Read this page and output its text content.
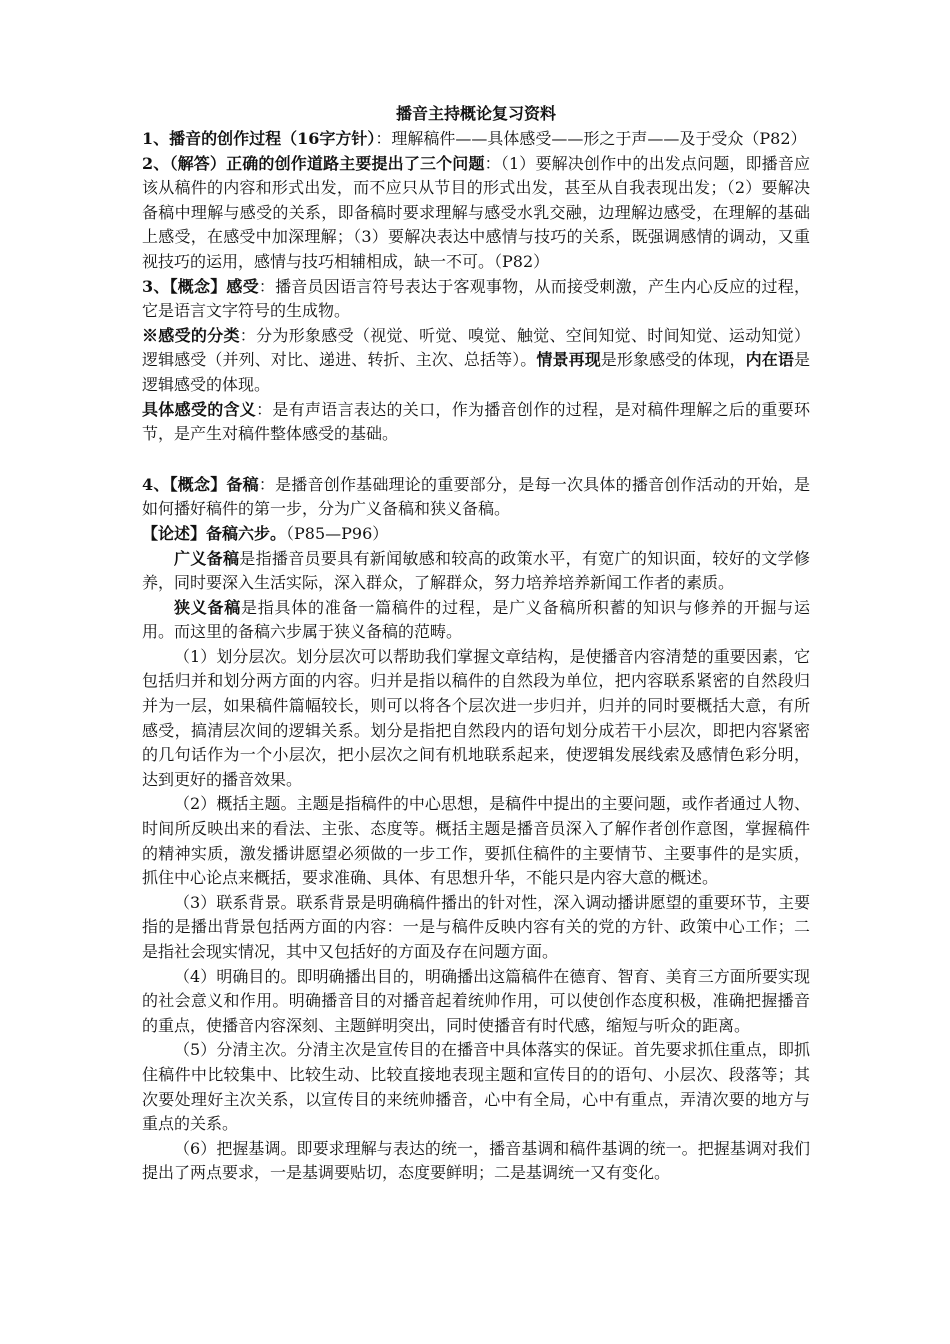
播音主持概论复习资料

1、播音的创作过程（16字方针）：理解稿件——具体感受——形之于声——及于受众（P82）

2、（解答）正确的创作道路主要提出了三个问题：（1）要解决创作中的出发点问题，即播音应该从稿件的内容和形式出发，而不应只从节目的形式出发，甚至从自我表现出发；（2）要解决备稿中理解与感受的关系，即备稿时要求理解与感受水乳交融，边理解边感受，在理解的基础上感受，在感受中加深理解；（3）要解决表达中感情与技巧的关系，既强调感情的调动，又重视技巧的运用，感情与技巧相辅相成，缺一不可。（P82）

3、【概念】感受：播音员因语言符号表达于客观事物，从而接受刺激，产生内心反应的过程，它是语言文字符号的生成物。

※感受的分类：分为形象感受（视觉、听觉、嗅觉、触觉、空间知觉、时间知觉、运动知觉）逻辑感受（并列、对比、递进、转折、主次、总括等）。情景再现是形象感受的体现，内在语是逻辑感受的体现。

具体感受的含义：是有声语言表达的关口，作为播音创作的过程，是对稿件理解之后的重要环节，是产生对稿件整体感受的基础。

4、【概念】备稿：是播音创作基础理论的重要部分，是每一次具体的播音创作活动的开始，是如何播好稿件的第一步，分为广义备稿和狭义备稿。

【论述】备稿六步。（P85—P96）

广义备稿是指播音员要具有新闻敏感和较高的政策水平，有宽广的知识面，较好的文学修养，同时要深入生活实际，深入群众，了解群众，努力培养培养新闻工作者的素质。

狭义备稿是指具体的准备一篇稿件的过程，是广义备稿所积蓄的知识与修养的开掘与运用。而这里的备稿六步属于狭义备稿的范畴。

（1）划分层次。划分层次可以帮助我们掌握文章结构，是使播音内容清楚的重要因素，它包括归并和划分两方面的内容。归并是指以稿件的自然段为单位，把内容联系紧密的自然段归并为一层，如果稿件篇幅较长，则可以将各个层次进一步归并，归并的同时要概括大意，有所感受，搞清层次间的逻辑关系。划分是指把自然段内的语句划分成若干小层次，即把内容紧密的几句话作为一个小层次，把小层次之间有机地联系起来，使逻辑发展线索及感情色彩分明，达到更好的播音效果。

（2）概括主题。主题是指稿件的中心思想，是稿件中提出的主要问题，或作者通过人物、时间所反映出来的看法、主张、态度等。概括主题是播音员深入了解作者创作意图，掌握稿件的精神实质，激发播讲愿望必须做的一步工作，要抓住稿件的主要情节、主要事件的是实质，抓住中心论点来概括，要求准确、具体、有思想升华，不能只是内容大意的概述。

（3）联系背景。联系背景是明确稿件播出的针对性，深入调动播讲愿望的重要环节，主要指的是播出背景包括两方面的内容：一是与稿件反映内容有关的党的方针、政策中心工作；二是指社会现实情况，其中又包括好的方面及存在问题方面。

（4）明确目的。即明确播出目的，明确播出这篇稿件在德育、智育、美育三方面所要实现的社会意义和作用。明确播音目的对播音起着统帅作用，可以使创作态度积极，准确把握播音的重点，使播音内容深刻、主题鲜明突出，同时使播音有时代感，缩短与听众的距离。

（5）分清主次。分清主次是宣传目的在播音中具体落实的保证。首先要求抓住重点，即抓住稿件中比较集中、比较生动、比较直接地表现主题和宣传目的的语句、小层次、段落等；其次要处理好主次关系，以宣传目的来统帅播音，心中有全局，心中有重点，弄清次要的地方与重点的关系。

（6）把握基调。即要求理解与表达的统一，播音基调和稿件基调的统一。把握基调对我们提出了两点要求，一是基调要贴切，态度要鲜明；二是基调统一又有变化。
